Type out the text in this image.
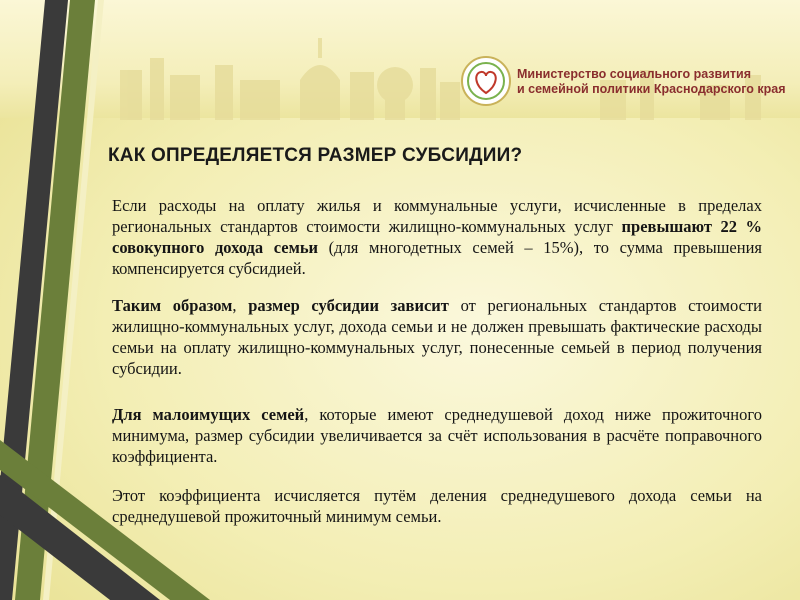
Министерство социального развития
и семейной политики Краснодарского края
КАК ОПРЕДЕЛЯЕТСЯ РАЗМЕР СУБСИДИИ?

Если расходы на оплату жилья и коммунальные услуги, исчисленные в пределах региональных стандартов стоимости жилищно-коммунальных услуг превышают 22 % совокупного дохода семьи (для многодетных семей – 15%), то сумма превышения компенсируется субсидией.

Таким образом, размер субсидии зависит от региональных стандартов стоимости жилищно-коммунальных услуг, дохода семьи и не должен превышать фактические расходы семьи на оплату жилищно-коммунальных услуг, понесенные семьей в период получения субсидии.

Для малоимущих семей, которые имеют среднедушевой доход ниже прожиточного минимума, размер субсидии увеличивается за счёт использования в расчёте поправочного коэффициента.

Этот коэффициента исчисляется путём деления среднедушевого дохода семьи на среднедушевой прожиточный минимум семьи.
